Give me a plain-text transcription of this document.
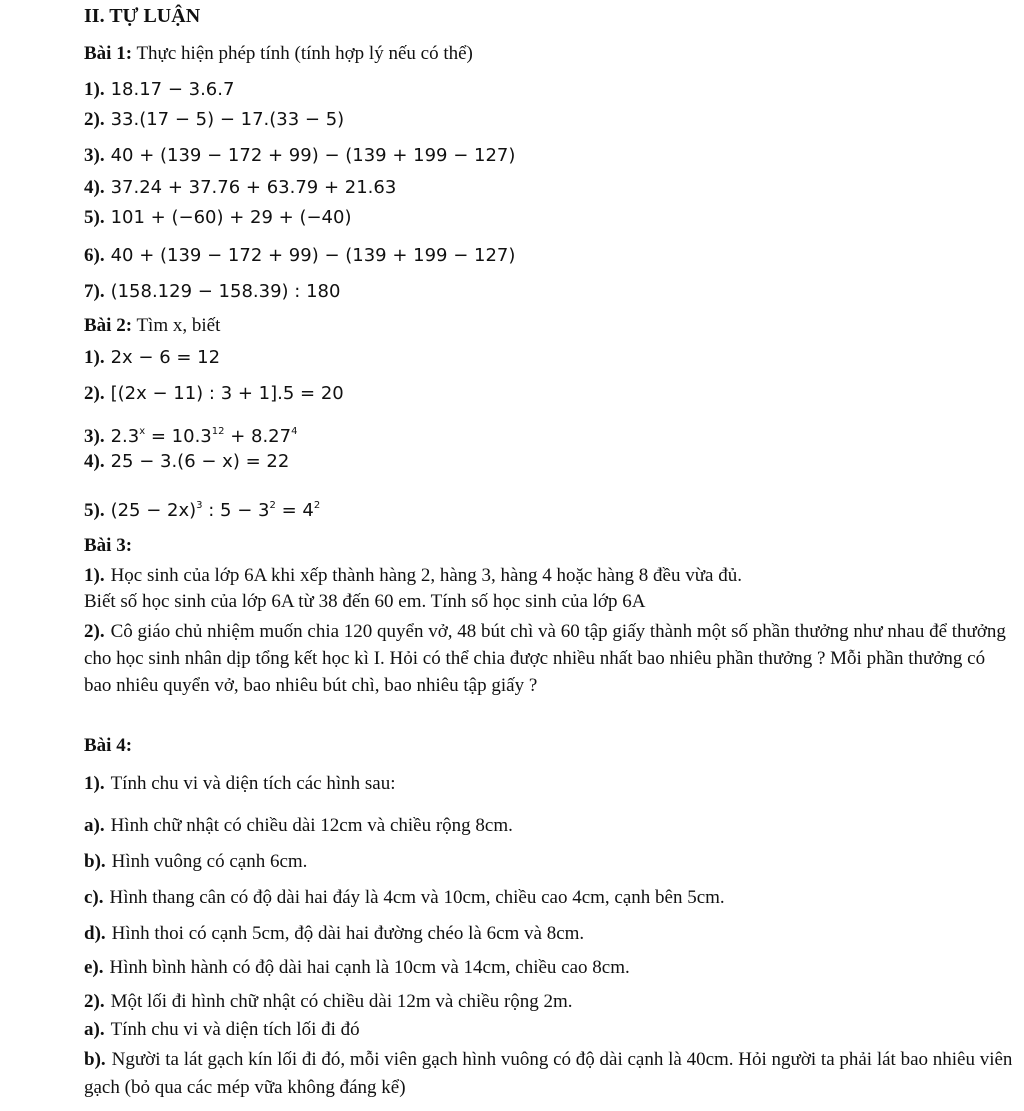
II. TỰ LUẬN
Bài 1: Thực hiện phép tính (tính hợp lý nếu có thể)
1). 18.17 − 3.6.7
2). 33.(17 − 5) − 17.(33 − 5)
3). 40 + (139 − 172 + 99) − (139 + 199 − 127)
4). 37.24 + 37.76 + 63.79 + 21.63
5). 101 + (−60) + 29 + (−40)
6). 40 + (139 − 172 + 99) − (139 + 199 − 127)
7). (158.129 − 158.39) : 180
Bài 2: Tìm x, biết
1). 2x − 6 = 12
2). [(2x − 11) : 3 + 1].5 = 20
3). $2.3^x = 10.3^{12} + 8.27^4$
4). 25 − 3.(6 − x) = 22
5). $(25 - 2x)^3$ : $5 - 3^2 = 4^2$
Bài 3:
1). Học sinh của lớp 6A khi xếp thành hàng 2, hàng 3, hàng 4 hoặc hàng 8 đều vừa đủ.
Biết số học sinh của lớp 6A từ 38 đến 60 em. Tính số học sinh của lớp 6A
2). Cô giáo chủ nhiệm muốn chia 120 quyển vở, 48 bút chì và 60 tập giấy thành một số phần thưởng như nhau để thưởng cho học sinh nhân dịp tổng kết học kì I. Hỏi có thể chia được nhiều nhất bao nhiêu phần thưởng ? Mỗi phần thưởng có bao nhiêu quyển vở, bao nhiêu bút chì, bao nhiêu tập giấy ?
Bài 4:
1). Tính chu vi và diện tích các hình sau:
a). Hình chữ nhật có chiều dài 12cm và chiều rộng 8cm.
b). Hình vuông có cạnh 6cm.
c). Hình thang cân có độ dài hai đáy là 4cm và 10cm, chiều cao 4cm, cạnh bên 5cm.
d). Hình thoi có cạnh 5cm, độ dài hai đường chéo là 6cm và 8cm.
e). Hình bình hành có độ dài hai cạnh là 10cm và 14cm, chiều cao 8cm.
2). Một lối đi hình chữ nhật có chiều dài 12m và chiều rộng 2m.
a). Tính chu vi và diện tích lối đi đó
b). Người ta lát gạch kín lối đi đó, mỗi viên gạch hình vuông có độ dài cạnh là 40cm. Hỏi người ta phải lát bao nhiêu viên gạch (bỏ qua các mép vữa không đáng kể)
